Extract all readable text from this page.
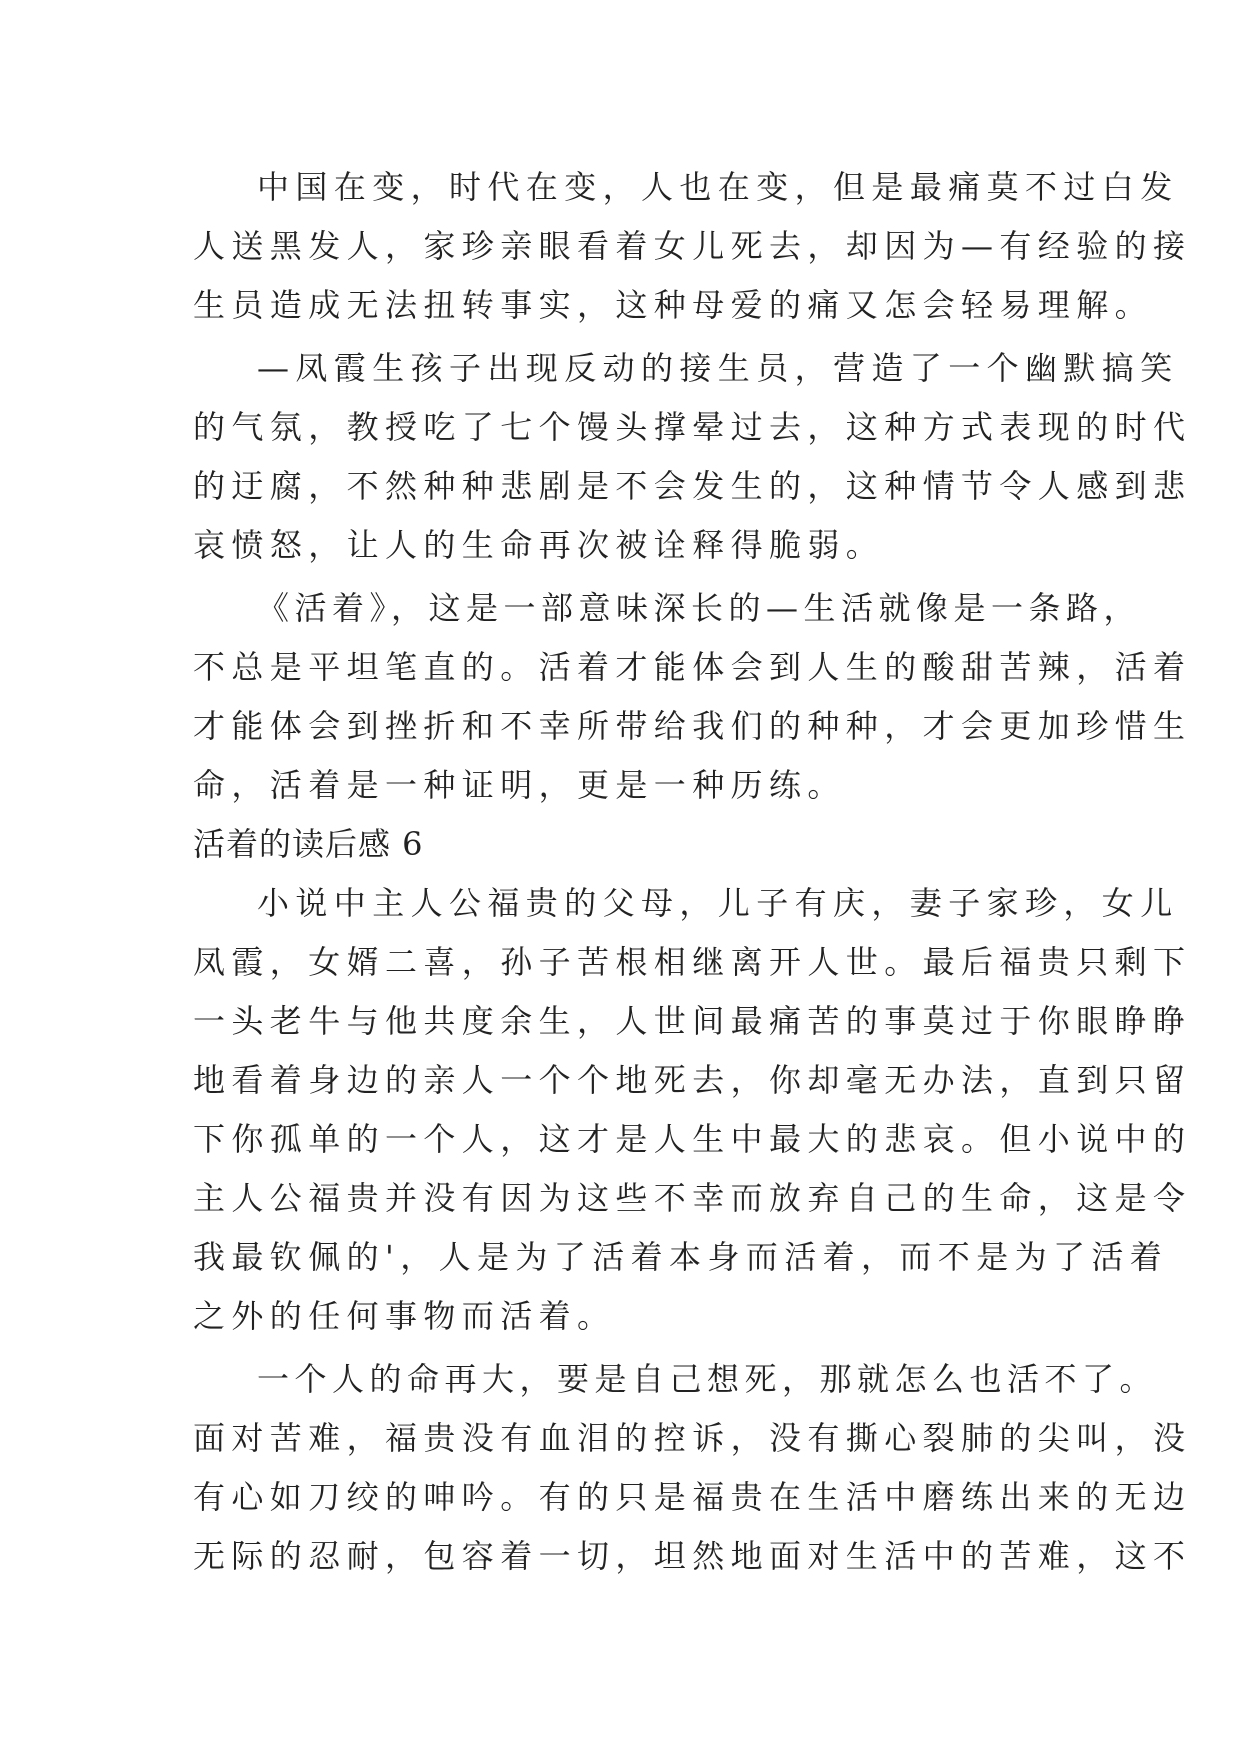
中国在变，时代在变，人也在变，但是最痛莫不过白发
人送黑发人，家珍亲眼看着女儿死去，却因为—有经验的接
生员造成无法扭转事实，这种母爱的痛又怎会轻易理解。
—凤霞生孩子出现反动的接生员，营造了一个幽默搞笑
的气氛，教授吃了七个馒头撑晕过去，这种方式表现的时代
的迂腐，不然种种悲剧是不会发生的，这种情节令人感到悲
哀愤怒，让人的生命再次被诠释得脆弱。
《活着》，这是一部意味深长的—生活就像是一条路，
不总是平坦笔直的。活着才能体会到人生的酸甜苦辣，活着
才能体会到挫折和不幸所带给我们的种种，才会更加珍惜生
命，活着是一种证明，更是一种历练。
活着的读后感 6
小说中主人公福贵的父母，儿子有庆，妻子家珍，女儿
凤霞，女婿二喜，孙子苦根相继离开人世。最后福贵只剩下
一头老牛与他共度余生，人世间最痛苦的事莫过于你眼睁睁
地看着身边的亲人一个个地死去，你却毫无办法，直到只留
下你孤单的一个人，这才是人生中最大的悲哀。但小说中的
主人公福贵并没有因为这些不幸而放弃自己的生命，这是令
我最钦佩的'，人是为了活着本身而活着，而不是为了活着
之外的任何事物而活着。
一个人的命再大，要是自己想死，那就怎么也活不了。
面对苦难，福贵没有血泪的控诉，没有撕心裂肺的尖叫，没
有心如刀绞的呻吟。有的只是福贵在生活中磨练出来的无边
无际的忍耐，包容着一切，坦然地面对生活中的苦难，这不
